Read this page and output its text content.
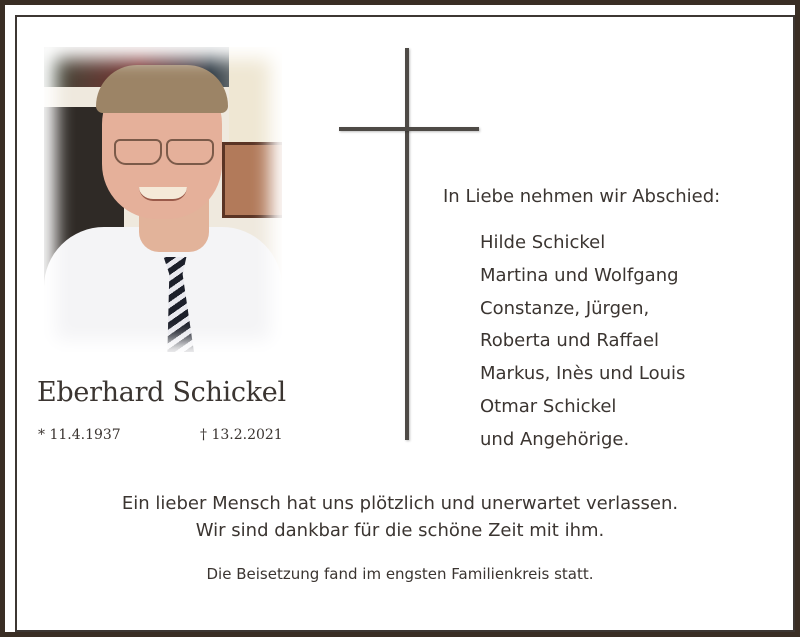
Eberhard Schickel
* 11.4.1937	† 13.2.2021
In Liebe nehmen wir Abschied:
Hilde Schickel
Martina und Wolfgang
Constanze, Jürgen,
Roberta und Raffael
Markus, Inès und Louis
Otmar Schickel
und Angehörige.
Ein lieber Mensch hat uns plötzlich und unerwartet verlassen.
Wir sind dankbar für die schöne Zeit mit ihm.
Die Beisetzung fand im engsten Familienkreis statt.
